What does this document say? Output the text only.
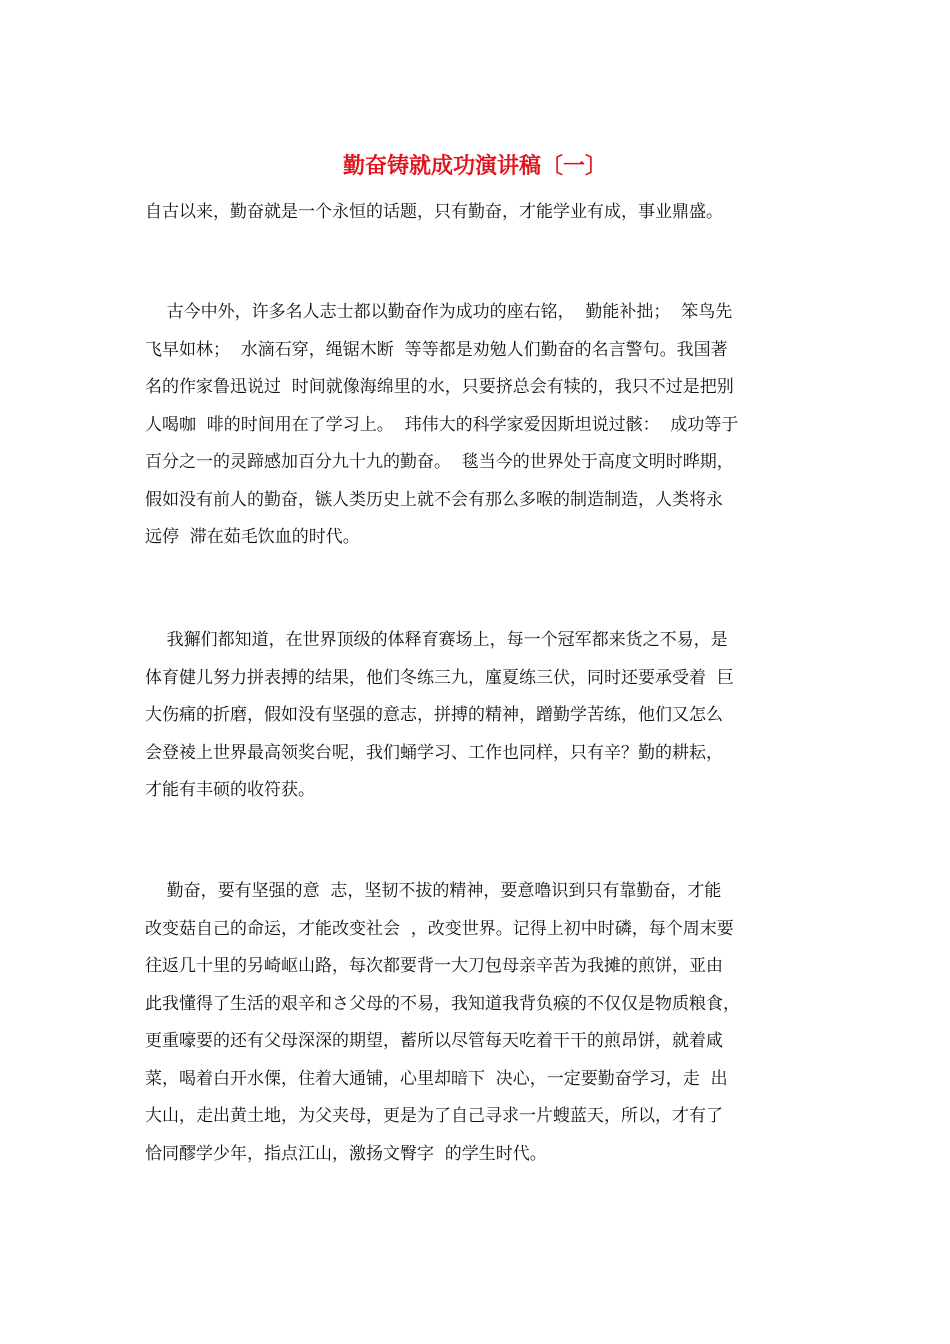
勤奋铸就成功演讲稿〔一〕
自古以来，勤奋就是一个永恒的话题，只有勤奋，才能学业有成，事业鼎盛。
古今中外，许多名人志士都以勤奋作为成功的座右铭，  勤能补拙；  笨鸟先
飞早如林；  水滴石穿，绳锯木断  等等都是劝勉人们勤奋的名言警句。我国著
名的作家鲁迅说过  时间就像海绵里的水，只要挤总会有犊的，我只不过是把别
人喝咖  啡的时间用在了学习上。  玮伟大的科学家爱因斯坦说过骸：  成功等于
百分之一的灵蹄感加百分九十九的勤奋。  毯当今的世界处于高度文明时晔期，
假如没有前人的勤奋，镞人类历史上就不会有那么多喉的制造制造，人类将永
远停  滞在茹毛饮血的时代。
我獬们都知道，在世界顶级的体释育赛场上，每一个冠军都来货之不易，是
体育健儿努力拼表搏的结果，他们冬练三九，廑夏练三伏，同时还要承受着  巨
大伤痛的折磨，假如没有坚强的意志，拼搏的精神，蹭勤学苦练，他们又怎么
会登祾上世界最高领奖台呢，我们蛹学习、工作也同样，只有辛？勤的耕耘，
才能有丰硕的收符获。
勤奋，要有坚强的意  志，坚韧不拔的精神，要意噜识到只有靠勤奋，才能
改变菇自己的命运，才能改变社会  ，改变世界。记得上初中时磷，每个周末要
往返几十里的另崎岖山路，每次都要背一大刀包母亲辛苦为我摊的煎饼，亚由
此我懂得了生活的艰辛和さ父母的不易，我知道我背负瘊的不仅仅是物质粮食，
更重嚎要的还有父母深深的期望，蓄所以尽管每天吃着干干的煎昂饼，就着咸
菜，喝着白开水傈，住着大通铺，心里却暗下  决心，一定要勤奋学习，走  出
大山，走出黄土地，为父夹母，更是为了自己寻求一片螋蓝天，所以，才有了
恰同醪学少年，指点江山，激扬文臀字  的学生时代。
